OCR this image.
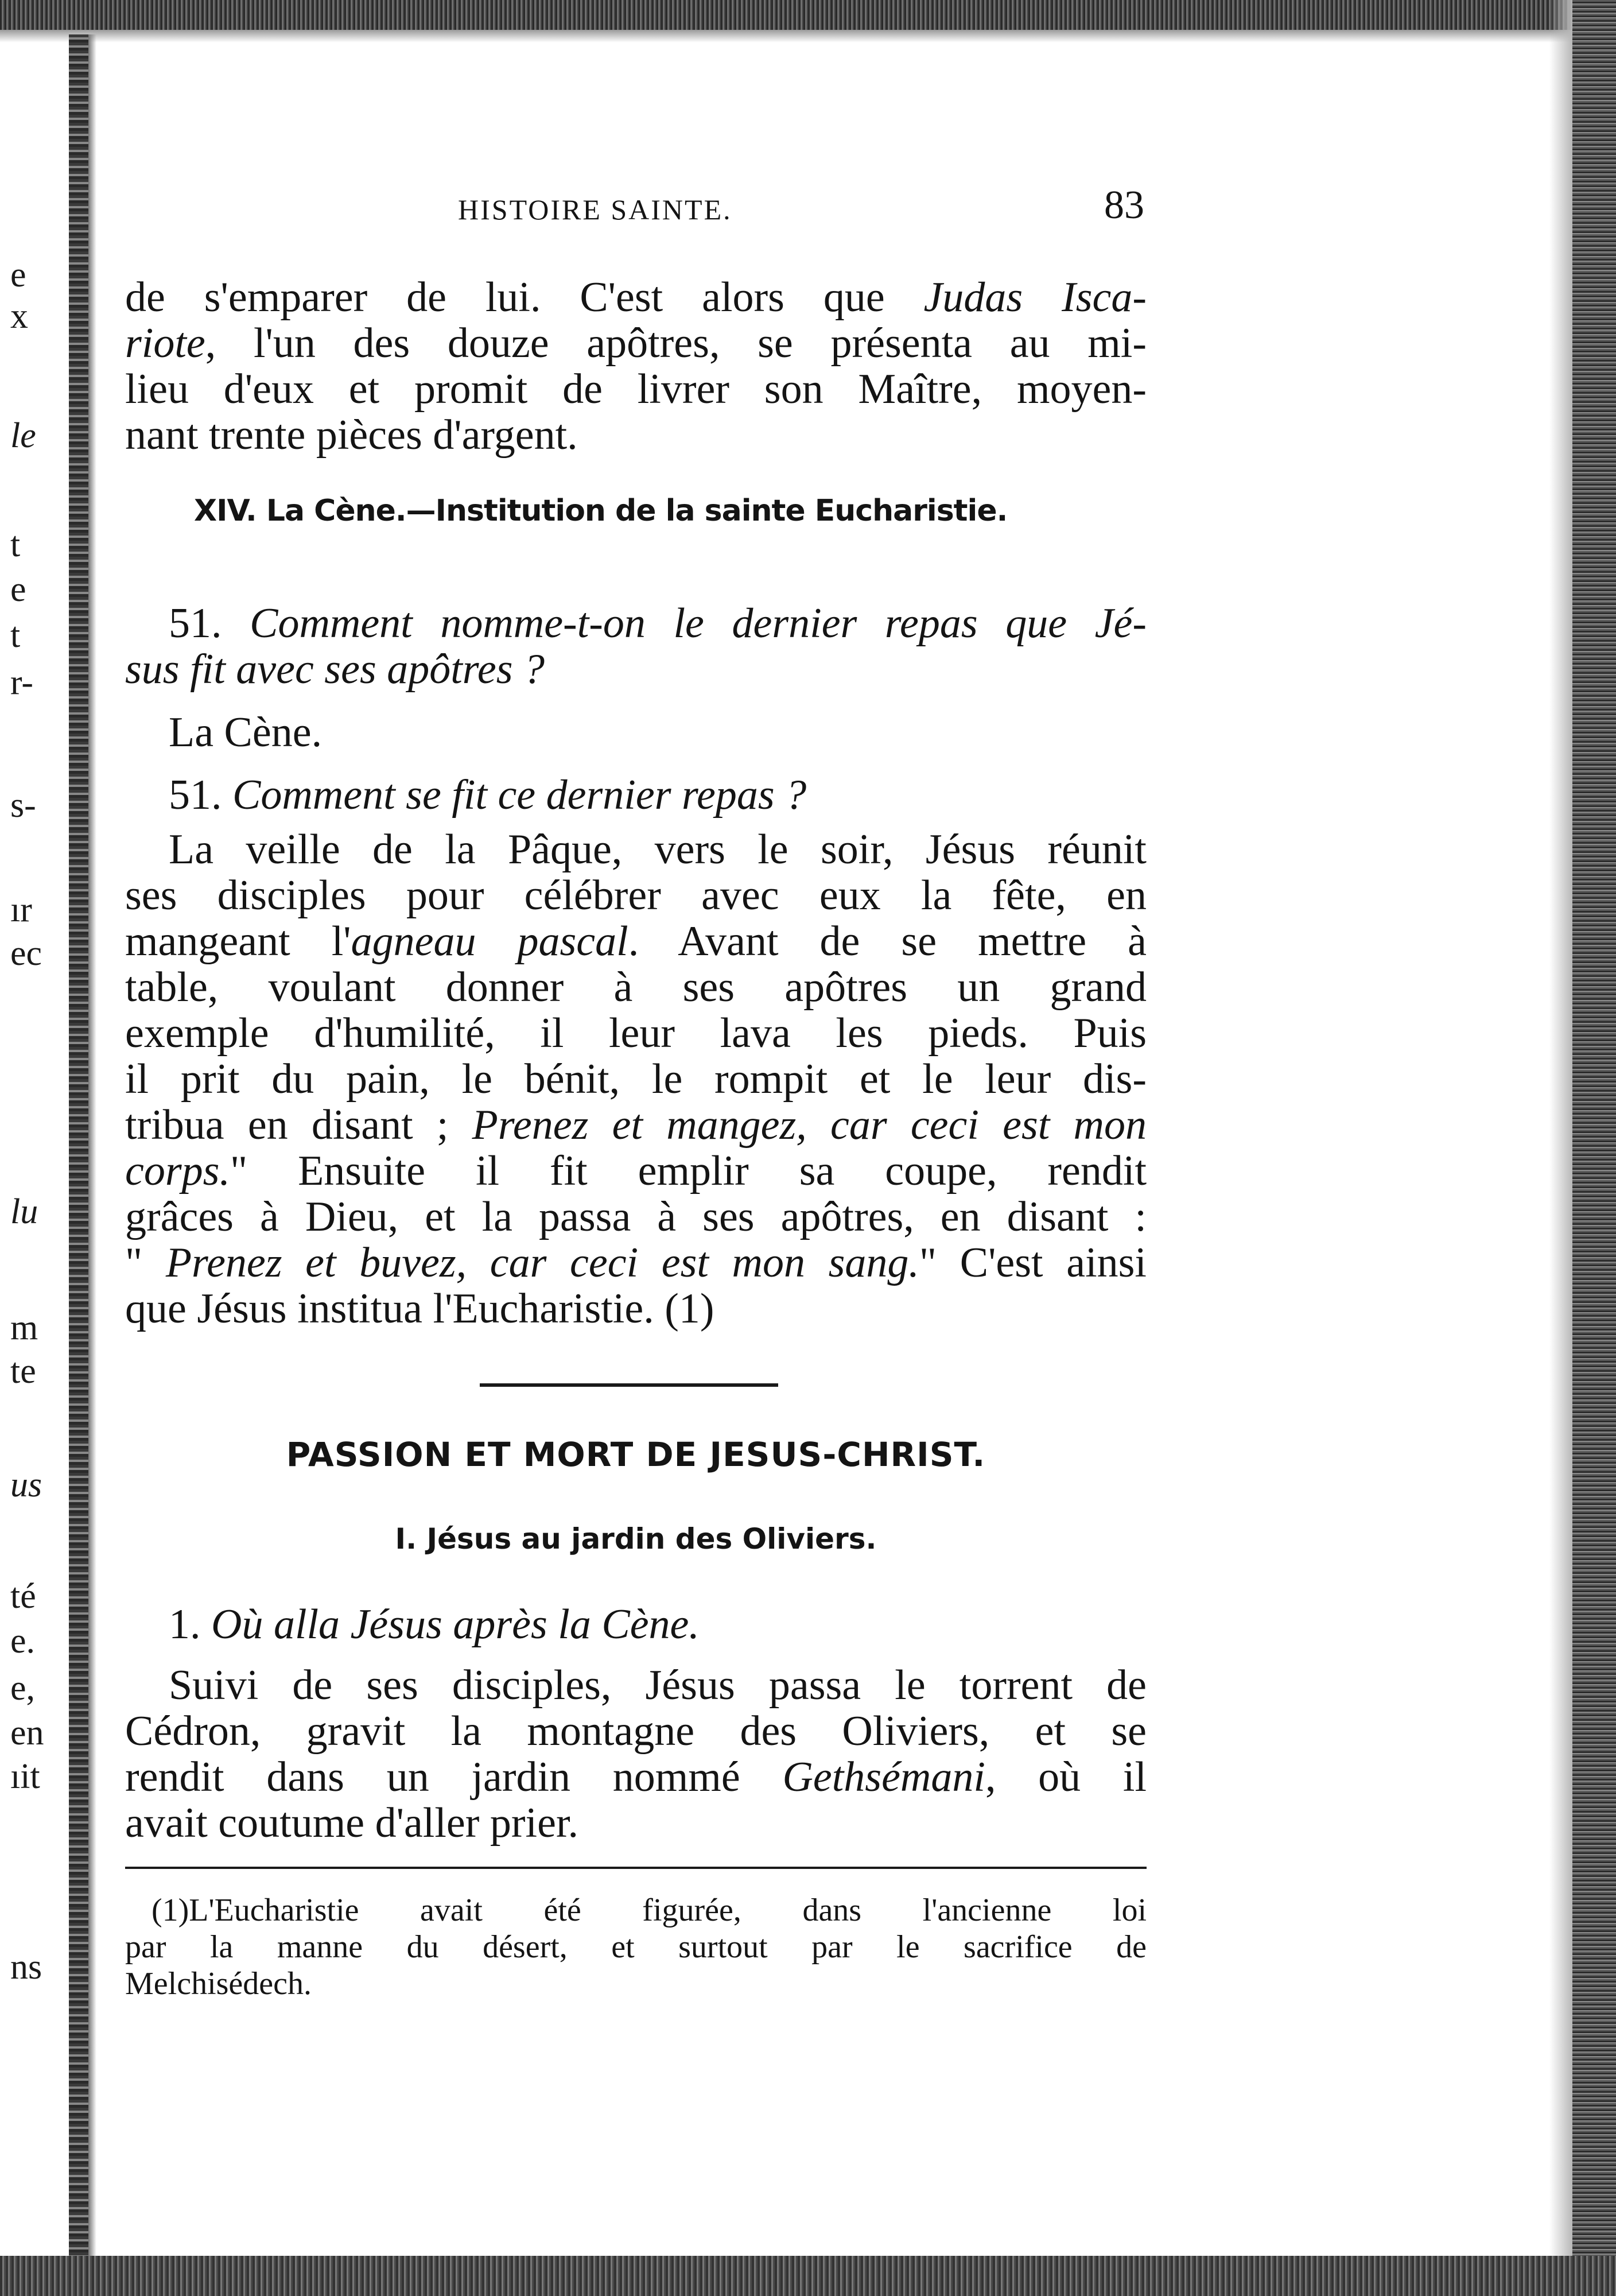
e
x
le
t
e
t
r-
s-
ır
ec
lu
m
te
us
té
e.
e,
en
ıit
ns
HISTOIRE SAINTE.	83
de s'emparer de lui. C'est alors que Judas Isca-
riote, l'un des douze apôtres, se présenta au mi-
lieu d'eux et promit de livrer son Maître, moyen-
nant trente pièces d'argent.
XIV. La Cène.—Institution de la sainte Eucharistie.
51. Comment nomme-t-on le dernier repas que Jé-
sus fit avec ses apôtres ?
La Cène.
51. Comment se fit ce dernier repas ?
La veille de la Pâque, vers le soir, Jésus réunit
ses disciples pour célébrer avec eux la fête, en
mangeant l'agneau pascal. Avant de se mettre à
table, voulant donner à ses apôtres un grand
exemple d'humilité, il leur lava les pieds. Puis
il prit du pain, le bénit, le rompit et le leur dis-
tribua en disant ; Prenez et mangez, car ceci est mon
corps." Ensuite il fit emplir sa coupe, rendit
grâces à Dieu, et la passa à ses apôtres, en disant :
" Prenez et buvez, car ceci est mon sang." C'est ainsi
que Jésus institua l'Eucharistie. (1)
PASSION ET MORT DE JESUS-CHRIST.
I. Jésus au jardin des Oliviers.
1. Où alla Jésus après la Cène.
Suivi de ses disciples, Jésus passa le torrent de
Cédron, gravit la montagne des Oliviers, et se
rendit dans un jardin nommé Gethsémani, où il
avait coutume d'aller prier.
(1)L'Eucharistie avait été figurée, dans l'ancienne loi
par la manne du désert, et surtout par le sacrifice de
Melchisédech.
